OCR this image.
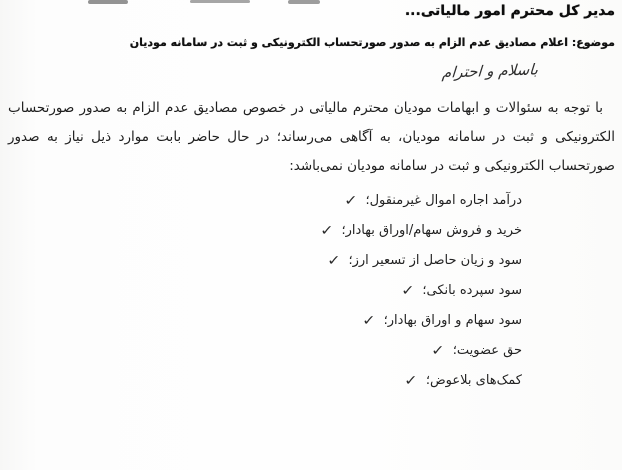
مدیر کل محترم امور مالیاتی...
موضوع: اعلام مصادیق عدم الزام به صدور صورتحساب الکترونیکی و ثبت در سامانه مودیان
باسلام و احترام
با توجه به سئوالات و ابهامات مودیان محترم مالیاتی در خصوص مصادیق عدم الزام به صدور صورتحساب
الکترونیکی و ثبت در سامانه مودیان، به آگاهی می‌رساند؛ در حال حاضر بابت موارد ذیل نیاز به صدور
صورتحساب الکترونیکی و ثبت در سامانه مودیان نمی‌باشد:
✓ درآمد اجاره اموال غیرمنقول؛
✓ خرید و فروش سهام/اوراق بهادار؛
✓ سود و زیان حاصل از تسعیر ارز؛
✓ سود سپرده بانکی؛
✓ سود سهام و اوراق بهادار؛
✓ حق عضویت؛
✓ کمک‌های بلاعوض؛
